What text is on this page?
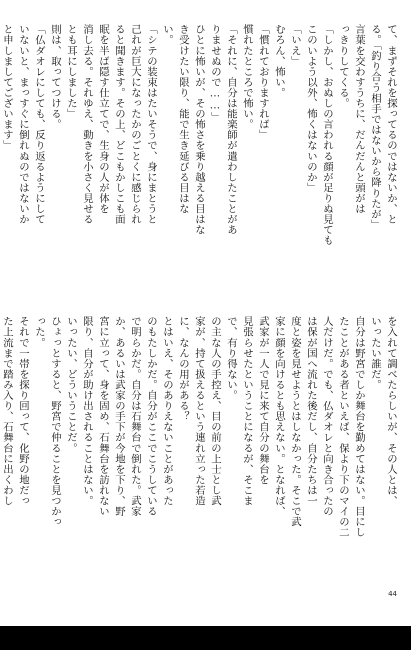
て、まずそれを探ってるのではないか、と
る。「釣り合う相手ではないから降りたが」
言葉を交わすうちに、だんだんと頭がは
っきりしてくる。
「しかし、おぬしの言われる顔が足りぬ見ても
このいよう以外、怖くはないのか」
「いえ」
むろん、怖い。
「慣れておりますれば」
慣れたところで怖い。
「それに、自分は能楽師が遣わしたことがあ
りませぬので……」
ひとに怖いが、その怖さを乗り越える目はな
き受けたい限り、能で生き延びる目はな
い。
「シテの装束はたいそうで、身にまとうと
己れが巨大になったかのごとくに感じられ
ると聞きます。その上、どこもかしこも面
眠を半ば隠す仕立てで、生身の人が体を
消し去る。それゆえ、動きを小さく見せる
とも耳にしました」
則は、取ってつける。
「仏ダオレにしても、反り返るようにして
いないと、まっすぐに倒れぬのではないか
と申しましてございます」
を入れて調べたらしいが、その人とは、
いったい誰だ。
自分は野宮でしか舞台を勤めてはない。目にし
たことがある者といえば、保より下のマイの二
人だけだ。でも、仏ダオレと向き合ったの
は保が国へ流れた後だし、自分たちは一
度と姿を見せようとはしなかった。そこで武
家に顔を向けるとも思えない。となれば、
武家が一人で見に来て自分の舞台を
見張らせたということになるが、そこま
で、有り得ない。
の主な人の手控え、目の前の上士とし武
家が、持て扱えるという連れ立った若造
に、なんの用がある？
とはいえ、そのありえないことがあった
のもたしかだ。自分がここでこうしている
で明らかだ。自分は石舞台で倒れた。武家
か、あるいは武家の手下が今地を下り、野
宮に立って、身を固め、石舞台を訪れない
限り、自分が助け出されることはない。
いったい、どういうことだ。
ひょっとすると、野宮で仲ることを見つかっ
った。
それで一帯を探り回って、化野の地だっ
た上流まで踏み入り、石舞台に出くわし
44
